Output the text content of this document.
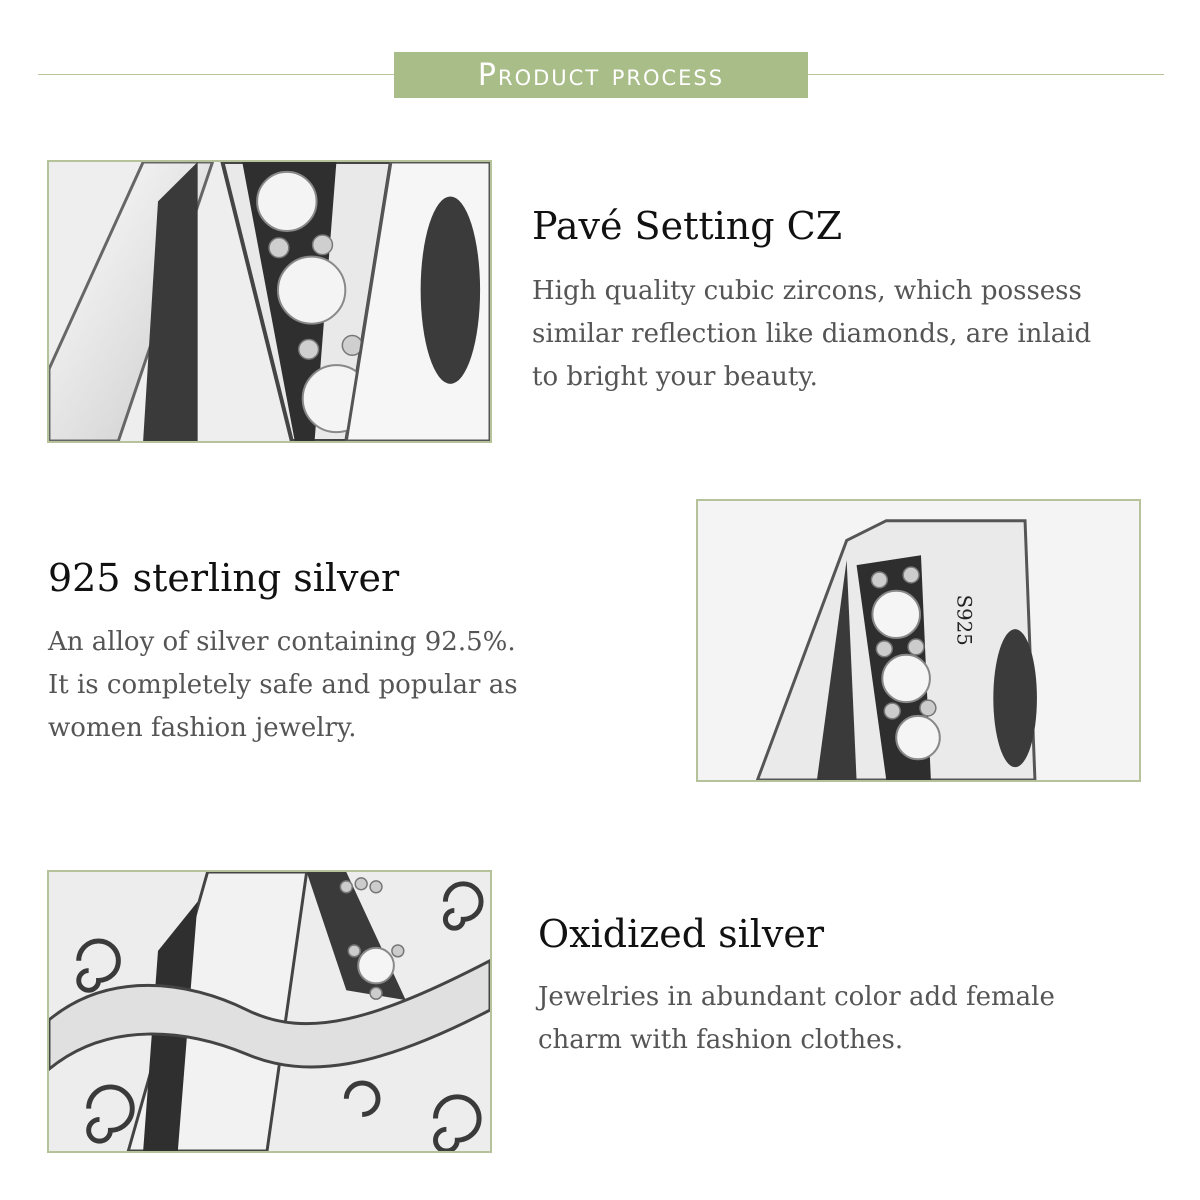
Product process
Pavé Setting CZ
High quality cubic zircons, which possess
similar reflection like diamonds, are inlaid
to bright your beauty.
925 sterling silver
An alloy of silver containing 92.5%.
It is completely safe and popular as
women fashion jewelry.
S925
Oxidized silver
Jewelries in abundant color add female
charm with fashion clothes.
